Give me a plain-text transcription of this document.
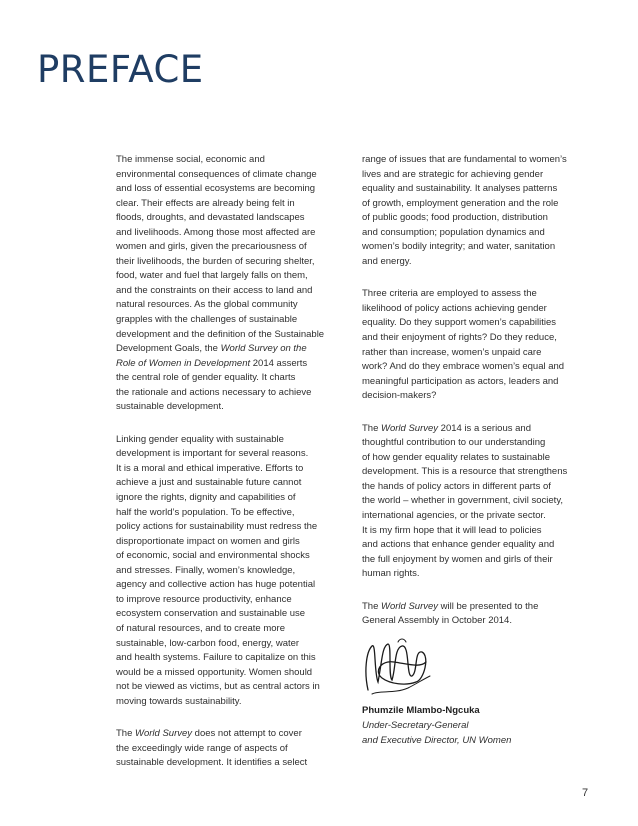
PREFACE
The immense social, economic and
environmental consequences of climate change
and loss of essential ecosystems are becoming
clear. Their effects are already being felt in
floods, droughts, and devastated landscapes
and livelihoods. Among those most affected are
women and girls, given the precariousness of
their livelihoods, the burden of securing shelter,
food, water and fuel that largely falls on them,
and the constraints on their access to land and
natural resources. As the global community
grapples with the challenges of sustainable
development and the definition of the Sustainable
Development Goals, the World Survey on the
Role of Women in Development 2014 asserts
the central role of gender equality. It charts
the rationale and actions necessary to achieve
sustainable development.
Linking gender equality with sustainable
development is important for several reasons.
It is a moral and ethical imperative. Efforts to
achieve a just and sustainable future cannot
ignore the rights, dignity and capabilities of
half the world’s population. To be effective,
policy actions for sustainability must redress the
disproportionate impact on women and girls
of economic, social and environmental shocks
and stresses. Finally, women’s knowledge,
agency and collective action has huge potential
to improve resource productivity, enhance
ecosystem conservation and sustainable use
of natural resources, and to create more
sustainable, low-carbon food, energy, water
and health systems. Failure to capitalize on this
would be a missed opportunity. Women should
not be viewed as victims, but as central actors in
moving towards sustainability.
The World Survey does not attempt to cover
the exceedingly wide range of aspects of
sustainable development. It identifies a select
range of issues that are fundamental to women’s
lives and are strategic for achieving gender
equality and sustainability. It analyses patterns
of growth, employment generation and the role
of public goods; food production, distribution
and consumption; population dynamics and
women’s bodily integrity; and water, sanitation
and energy.
Three criteria are employed to assess the
likelihood of policy actions achieving gender
equality. Do they support women’s capabilities
and their enjoyment of rights? Do they reduce,
rather than increase, women’s unpaid care
work? And do they embrace women’s equal and
meaningful participation as actors, leaders and
decision-makers?
The World Survey 2014 is a serious and
thoughtful contribution to our understanding
of how gender equality relates to sustainable
development. This is a resource that strengthens
the hands of policy actors in different parts of
the world – whether in government, civil society,
international agencies, or the private sector.
It is my firm hope that it will lead to policies
and actions that enhance gender equality and
the full enjoyment by women and girls of their
human rights.
The World Survey will be presented to the
General Assembly in October 2014.
Phumzile Mlambo-Ngcuka
Under-Secretary-General
and Executive Director, UN Women
7
